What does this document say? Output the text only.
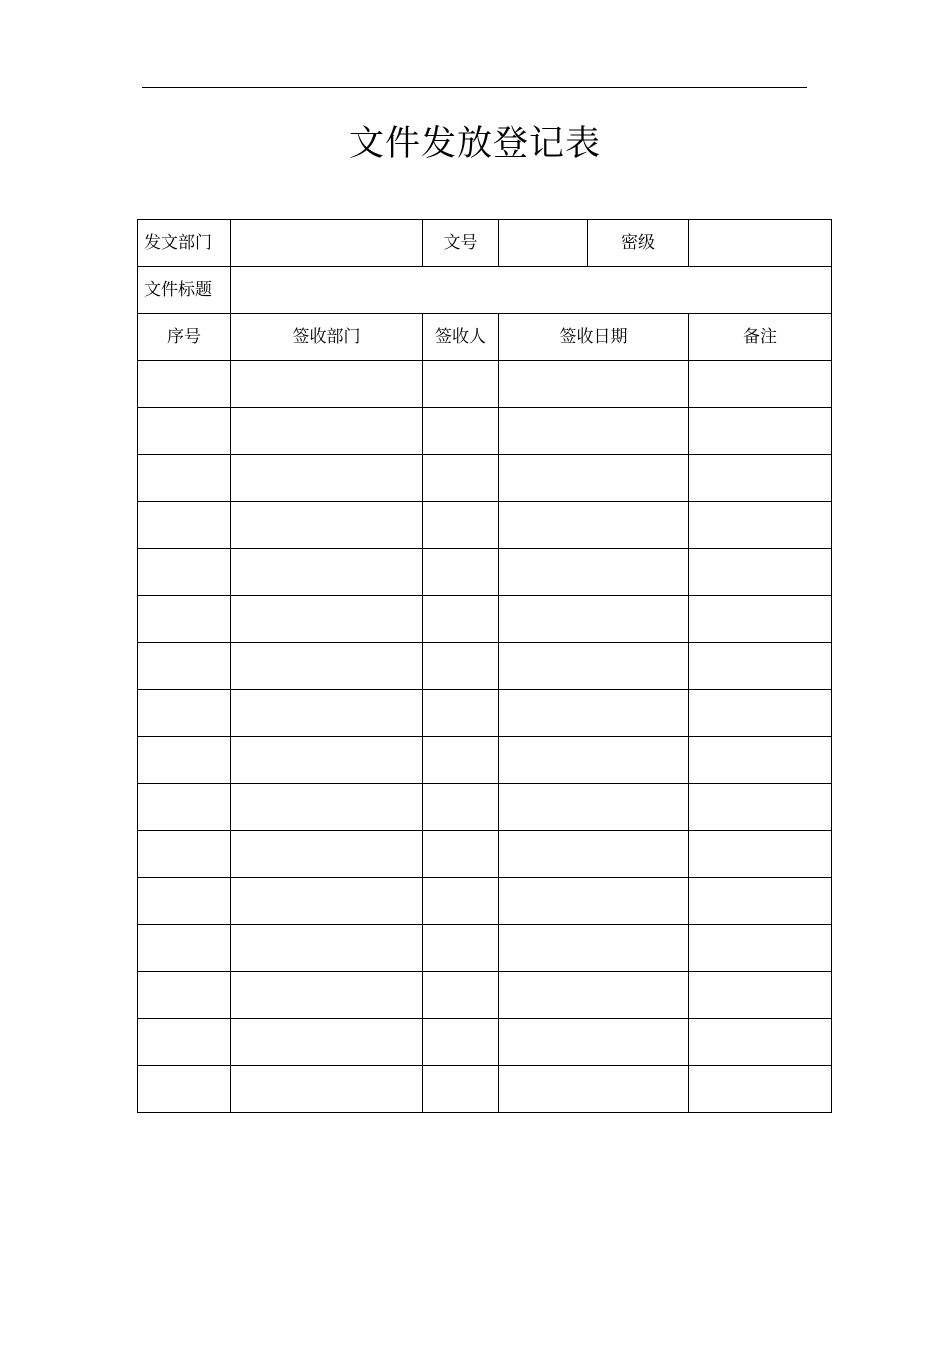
文件发放登记表
发文部门		文号		密级	
文件标题					
序号	签收部门	签收人	签收日期		备注
